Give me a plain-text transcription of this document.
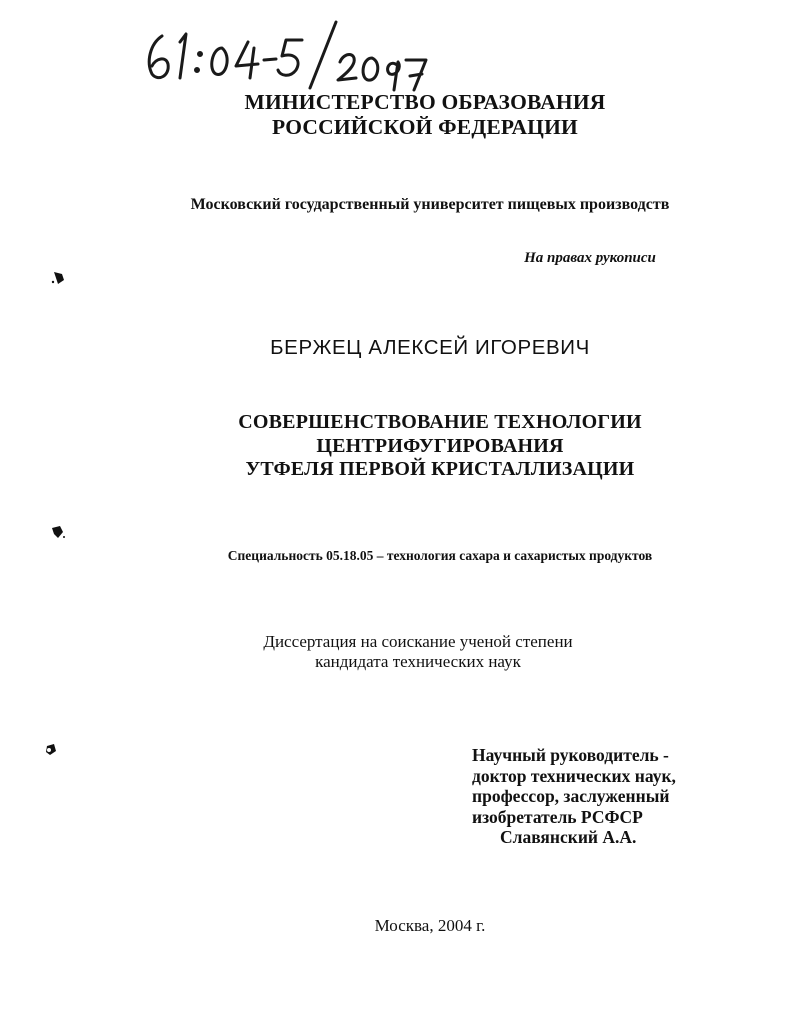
МИНИСТЕРСТВО ОБРАЗОВАНИЯ
РОССИЙСКОЙ ФЕДЕРАЦИИ
Московский государственный университет пищевых производств
На правах рукописи
БЕРЖЕЦ АЛЕКСЕЙ ИГОРЕВИЧ
СОВЕРШЕНСТВОВАНИЕ ТЕХНОЛОГИИ
ЦЕНТРИФУГИРОВАНИЯ
УТФЕЛЯ ПЕРВОЙ КРИСТАЛЛИЗАЦИИ
Специальность 05.18.05 – технология сахара и сахаристых продуктов
Диссертация на соискание ученой степени
кандидата технических наук
Научный руководитель -
доктор технических наук,
профессор, заслуженный
изобретатель РСФСР
Славянский А.А.
Москва, 2004 г.
